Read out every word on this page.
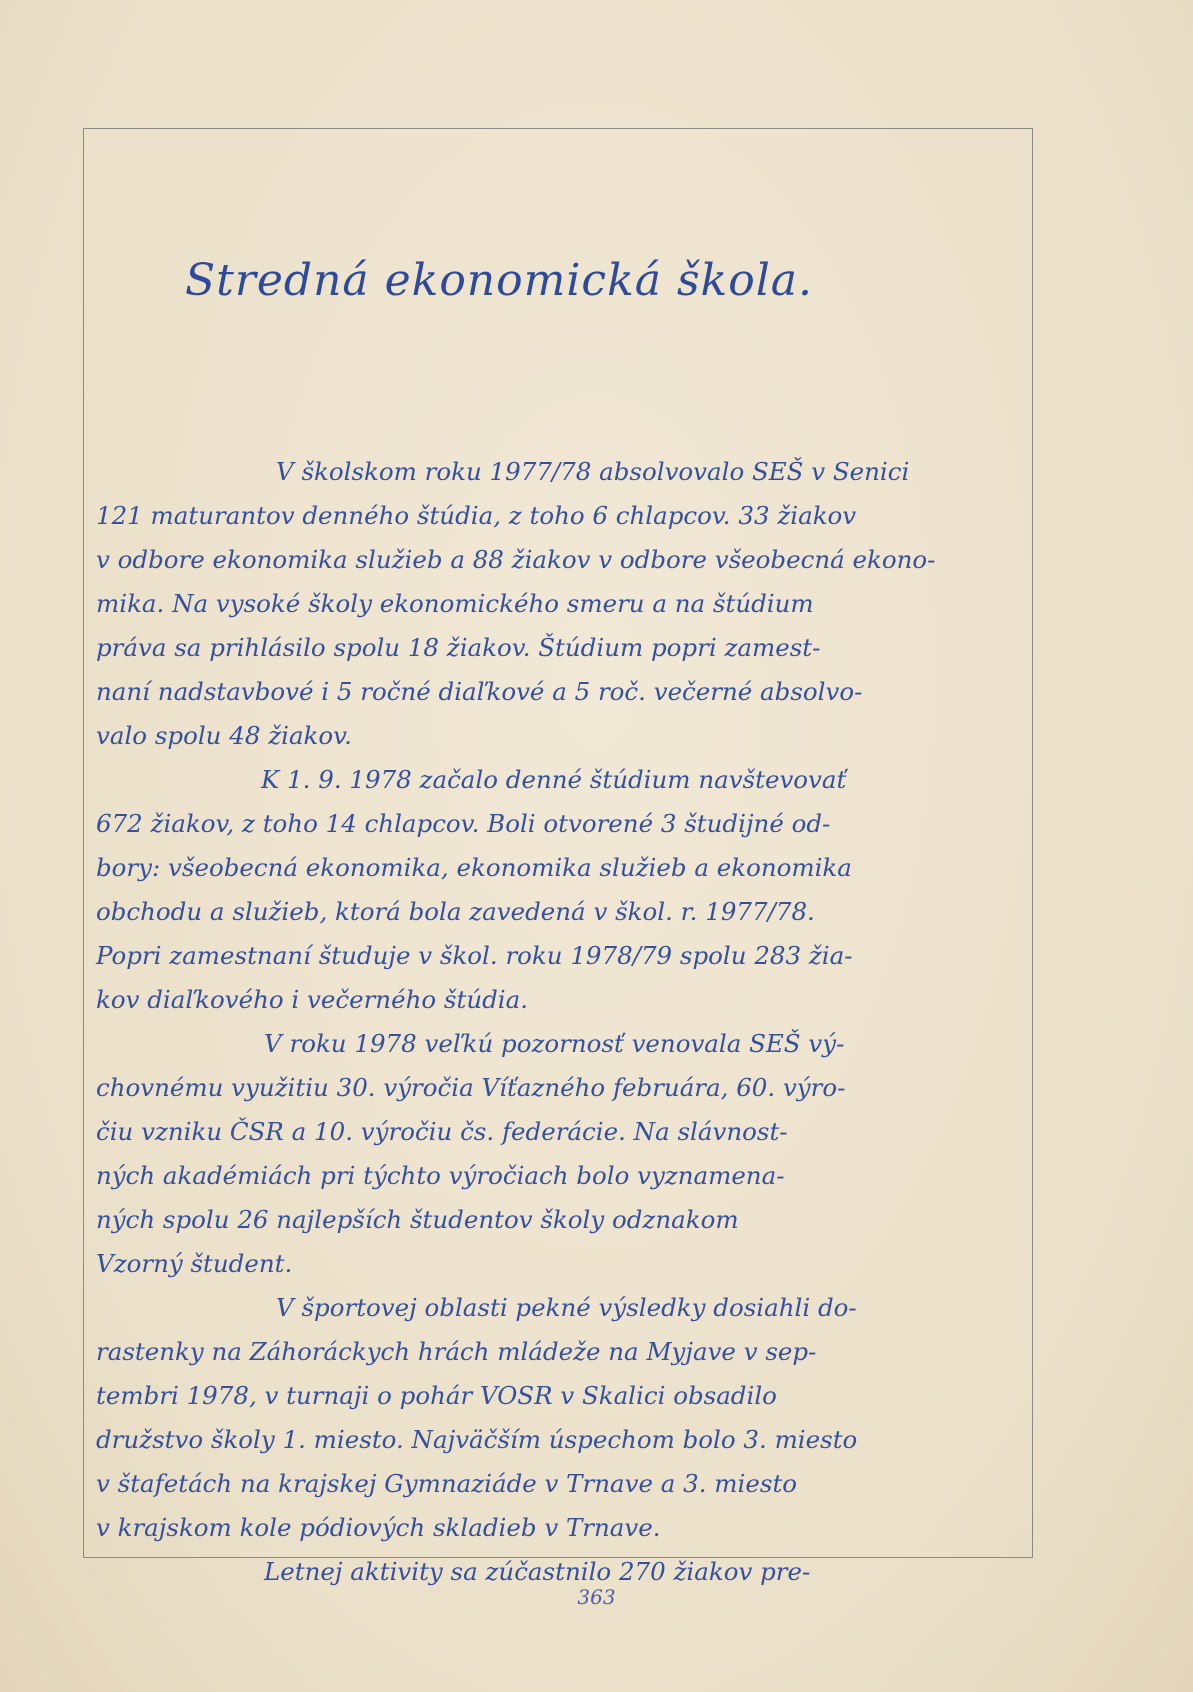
Stredná ekonomická škola.
V školskom roku 1977/78 absolvovalo SEŠ v Senici
121 maturantov denného štúdia, z toho 6 chlapcov. 33 žiakov
v odbore ekonomika služieb a 88 žiakov v odbore všeobecná ekono-
mika. Na vysoké školy ekonomického smeru a na štúdium
práva sa prihlásilo spolu 18 žiakov. Štúdium popri zamest-
naní nadstavbové i 5 ročné diaľkové a 5 roč. večerné absolvo-
valo spolu 48 žiakov.
K 1. 9. 1978 začalo denné štúdium navštevovať
672 žiakov, z toho 14 chlapcov. Boli otvorené 3 študijné od-
bory: všeobecná ekonomika, ekonomika služieb a ekonomika
obchodu a služieb, ktorá bola zavedená v škol. r. 1977/78.
Popri zamestnaní študuje v škol. roku 1978/79 spolu 283 žia-
kov diaľkového i večerného štúdia.
V roku 1978 veľkú pozornosť venovala SEŠ vý-
chovnému využitiu 30. výročia Víťazného februára, 60. výro-
čiu vzniku ČSR a 10. výročiu čs. federácie. Na slávnost-
ných akadémiách pri týchto výročiach bolo vyznamena-
ných spolu 26 najlepších študentov školy odznakom
Vzorný študent.
V športovej oblasti pekné výsledky dosiahli do-
rastenky na Záhoráckych hrách mládeže na Myjave v sep-
tembri 1978, v turnaji o pohár VOSR v Skalici obsadilo
družstvo školy 1. miesto. Najväčším úspechom bolo 3. miesto
v štafetách na krajskej Gymnaziáde v Trnave a 3. miesto
v krajskom kole pódiových skladieb v Trnave.
Letnej aktivity sa zúčastnilo 270 žiakov pre-
363
